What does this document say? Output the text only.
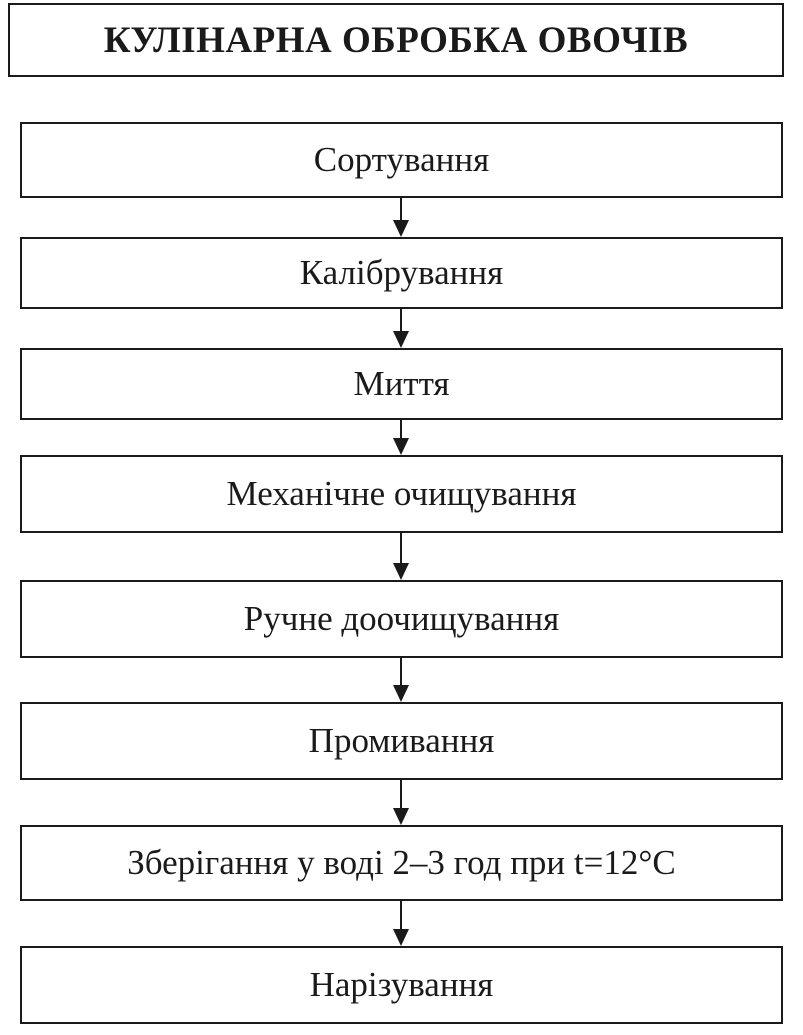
КУЛІНАРНА ОБРОБКА ОВОЧІВ
Сортування
Калібрування
Миття
Механічне очищування
Ручне доочищування
Промивання
Зберігання у воді 2–3 год при t=12°C
Нарізування
